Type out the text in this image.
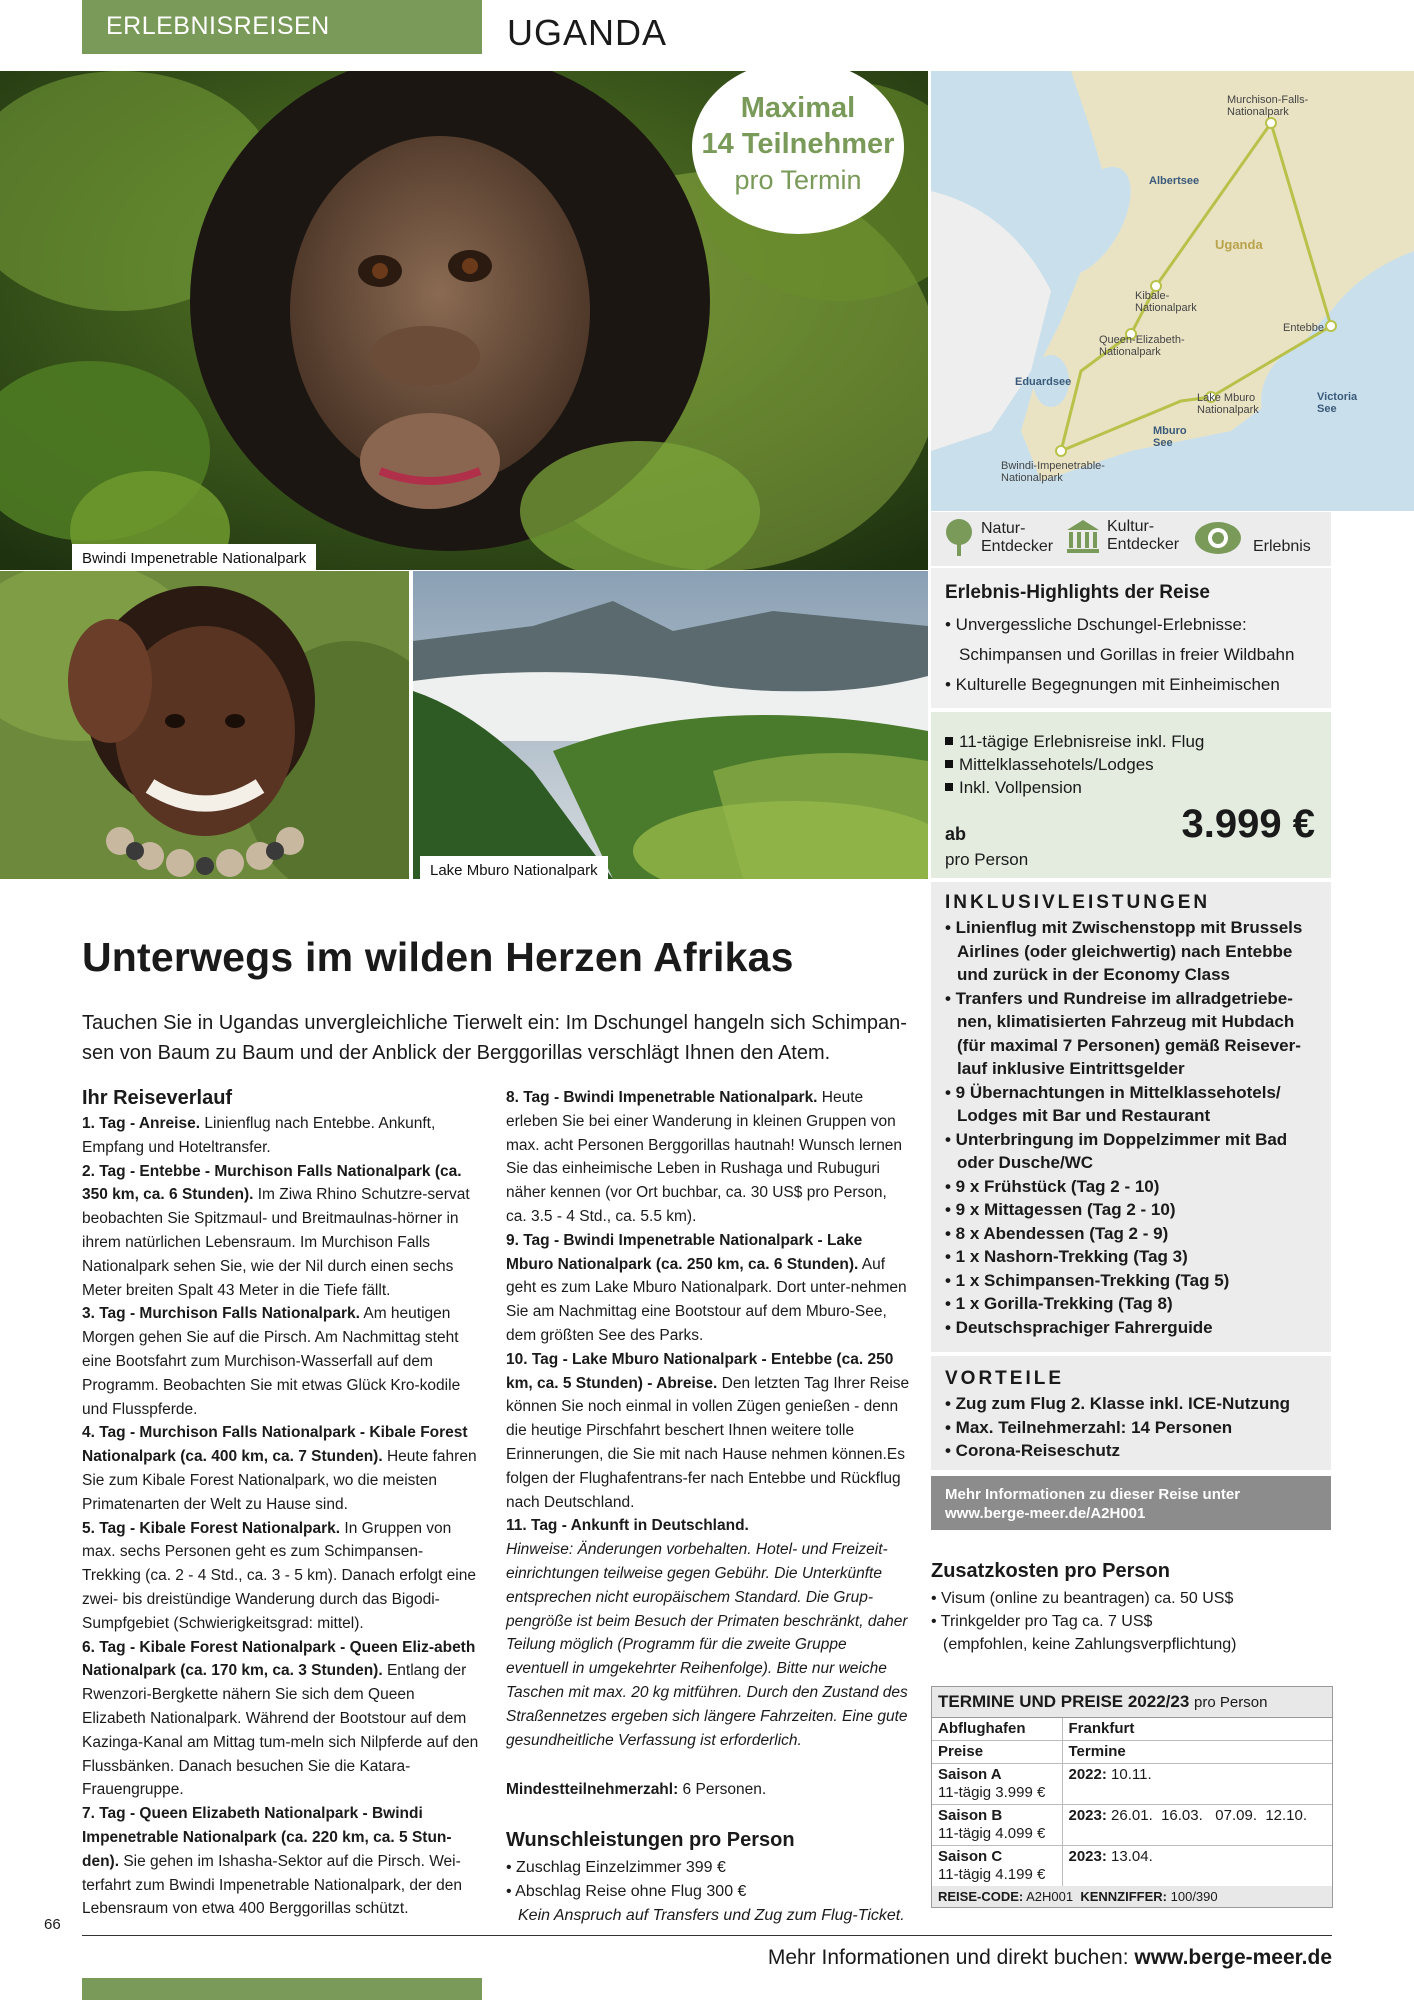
ERLEBNISREISEN	UGANDA
Bwindi Impenetrable Nationalpark
Maximal
14 Teilnehmer
pro Termin
Murchison-Falls-
Nationalpark
Albertsee
Uganda
Kibale-
Nationalpark
Queen-Elizabeth-
Nationalpark
Entebbe
Eduardsee
Lake Mburo
Nationalpark
Victoria
See
Mburo
See
Bwindi-Impenetrable-
Nationalpark
Lake Mburo Nationalpark
Natur-
Entdecker
Kultur-
Entdecker	Erlebnis
Erlebnis-Highlights der Reise
• Unvergessliche Dschungel-Erlebnisse:
Schimpansen und Gorillas in freier Wildbahn
• Kulturelle Begegnungen mit Einheimischen
11-tägige Erlebnisreise inkl. Flug
Mittelklassehotels/Lodges
Inkl. Vollpension
ab
pro Person
3.999 €
INKLUSIVLEISTUNGEN
• Linienflug mit Zwischenstopp mit Brussels Airlines (oder gleichwertig) nach Entebbe und zurück in der Economy Class
• Tranfers und Rundreise im allradgetriebe-nen, klimatisierten Fahrzeug mit Hubdach (für maximal 7 Personen) gemäß Reisever-lauf inklusive Eintrittsgelder
• 9 Übernachtungen in Mittelklassehotels/ Lodges mit Bar und Restaurant
• Unterbringung im Doppelzimmer mit Bad oder Dusche/WC
• 9 x Frühstück (Tag 2 - 10)
• 9 x Mittagessen (Tag 2 - 10)
• 8 x Abendessen (Tag 2 - 9)
• 1 x Nashorn-Trekking (Tag 3)
• 1 x Schimpansen-Trekking (Tag 5)
• 1 x Gorilla-Trekking (Tag 8)
• Deutschsprachiger Fahrerguide
VORTEILE
• Zug zum Flug 2. Klasse inkl. ICE-Nutzung
• Max. Teilnehmerzahl: 14 Personen
• Corona-Reiseschutz
Mehr Informationen zu dieser Reise unter
www.berge-meer.de/A2H001
Zusatzkosten pro Person
• Visum (online zu beantragen) ca. 50 US$
• Trinkgelder pro Tag ca. 7 US$
(empfohlen, keine Zahlungsverpflichtung)
TERMINE UND PREISE 2022/23 pro Person
Abflughafen	Frankfurt
Preise	Termine
Saison A
11-tägig 3.999 €	2022: 10.11.
Saison B
11-tägig 4.099 €	2023: 26.01.  16.03.   07.09.  12.10.
Saison C
11-tägig 4.199 €	2023: 13.04.
REISE-CODE: A2H001 KENNZIFFER: 100/390
Unterwegs im wilden Herzen Afrikas
Tauchen Sie in Ugandas unvergleichliche Tierwelt ein: Im Dschungel hangeln sich Schimpan-sen von Baum zu Baum und der Anblick der Berggorillas verschlägt Ihnen den Atem.
Ihr Reiseverlauf

1. Tag - Anreise. Linienflug nach Entebbe. Ankunft, Empfang und Hoteltransfer.

2. Tag - Entebbe - Murchison Falls Nationalpark (ca. 350 km, ca. 6 Stunden). Im Ziwa Rhino Schutzre-servat beobachten Sie Spitzmaul- und Breitmaulnas-hörner in ihrem natürlichen Lebensraum. Im Murchison Falls Nationalpark sehen Sie, wie der Nil durch einen sechs Meter breiten Spalt 43 Meter in die Tiefe fällt.

3. Tag - Murchison Falls Nationalpark. Am heutigen Morgen gehen Sie auf die Pirsch. Am Nachmittag steht eine Bootsfahrt zum Murchison-Wasserfall auf dem Programm. Beobachten Sie mit etwas Glück Kro-kodile und Flusspferde.

4. Tag - Murchison Falls Nationalpark - Kibale Forest Nationalpark (ca. 400 km, ca. 7 Stunden). Heute fahren Sie zum Kibale Forest Nationalpark, wo die meisten Primatenarten der Welt zu Hause sind.

5. Tag - Kibale Forest Nationalpark. In Gruppen von max. sechs Personen geht es zum Schimpansen-Trekking (ca. 2 - 4 Std., ca. 3 - 5 km). Danach erfolgt eine zwei- bis dreistündige Wanderung durch das Bigodi-Sumpfgebiet (Schwierigkeitsgrad: mittel).

6. Tag - Kibale Forest Nationalpark - Queen Eliz-abeth Nationalpark (ca. 170 km, ca. 3 Stunden). Entlang der Rwenzori-Bergkette nähern Sie sich dem Queen Elizabeth Nationalpark. Während der Bootstour auf dem Kazinga-Kanal am Mittag tum-meln sich Nilpferde auf den Flussbänken. Danach besuchen Sie die Katara-Frauengruppe.

7. Tag - Queen Elizabeth Nationalpark - Bwindi Impenetrable Nationalpark (ca. 220 km, ca. 5 Stun-den). Sie gehen im Ishasha-Sektor auf die Pirsch. Wei-terfahrt zum Bwindi Impenetrable Nationalpark, der den Lebensraum von etwa 400 Berggorillas schützt.

8. Tag - Bwindi Impenetrable Nationalpark. Heute erleben Sie bei einer Wanderung in kleinen Gruppen von max. acht Personen Berggorillas hautnah! Wunsch lernen Sie das einheimische Leben in Rushaga und Rubuguri näher kennen (vor Ort buchbar, ca. 30 US$ pro Person, ca. 3.5 - 4 Std., ca. 5.5 km).

9. Tag - Bwindi Impenetrable Nationalpark - Lake Mburo Nationalpark (ca. 250 km, ca. 6 Stunden). Auf geht es zum Lake Mburo Nationalpark. Dort unter-nehmen Sie am Nachmittag eine Bootstour auf dem Mburo-See, dem größten See des Parks.

10. Tag - Lake Mburo Nationalpark - Entebbe (ca. 250 km, ca. 5 Stunden) - Abreise. Den letzten Tag Ihrer Reise können Sie noch einmal in vollen Zügen genießen - denn die heutige Pirschfahrt beschert Ihnen weitere tolle Erinnerungen, die Sie mit nach Hause nehmen können.Es folgen der Flughafentrans-fer nach Entebbe und Rückflug nach Deutschland.

11. Tag - Ankunft in Deutschland.

Hinweise: Änderungen vorbehalten. Hotel- und Freizeit-einrichtungen teilweise gegen Gebühr. Die Unterkünfte entsprechen nicht europäischem Standard. Die Grup-pengröße ist beim Besuch der Primaten beschränkt, daher Teilung möglich (Programm für die zweite Gruppe eventuell in umgekehrter Reihenfolge). Bitte nur weiche Taschen mit max. 20 kg mitführen. Durch den Zustand des Straßennetzes ergeben sich längere Fahrzeiten. Eine gute gesundheitliche Verfassung ist erforderlich.

Mindestteilnehmerzahl: 6 Personen.

Wunschleistungen pro Person
• Zuschlag Einzelzimmer 399 €
• Abschlag Reise ohne Flug 300 €
Kein Anspruch auf Transfers und Zug zum Flug-Ticket.
66
Mehr Informationen und direkt buchen: www.berge-meer.de
